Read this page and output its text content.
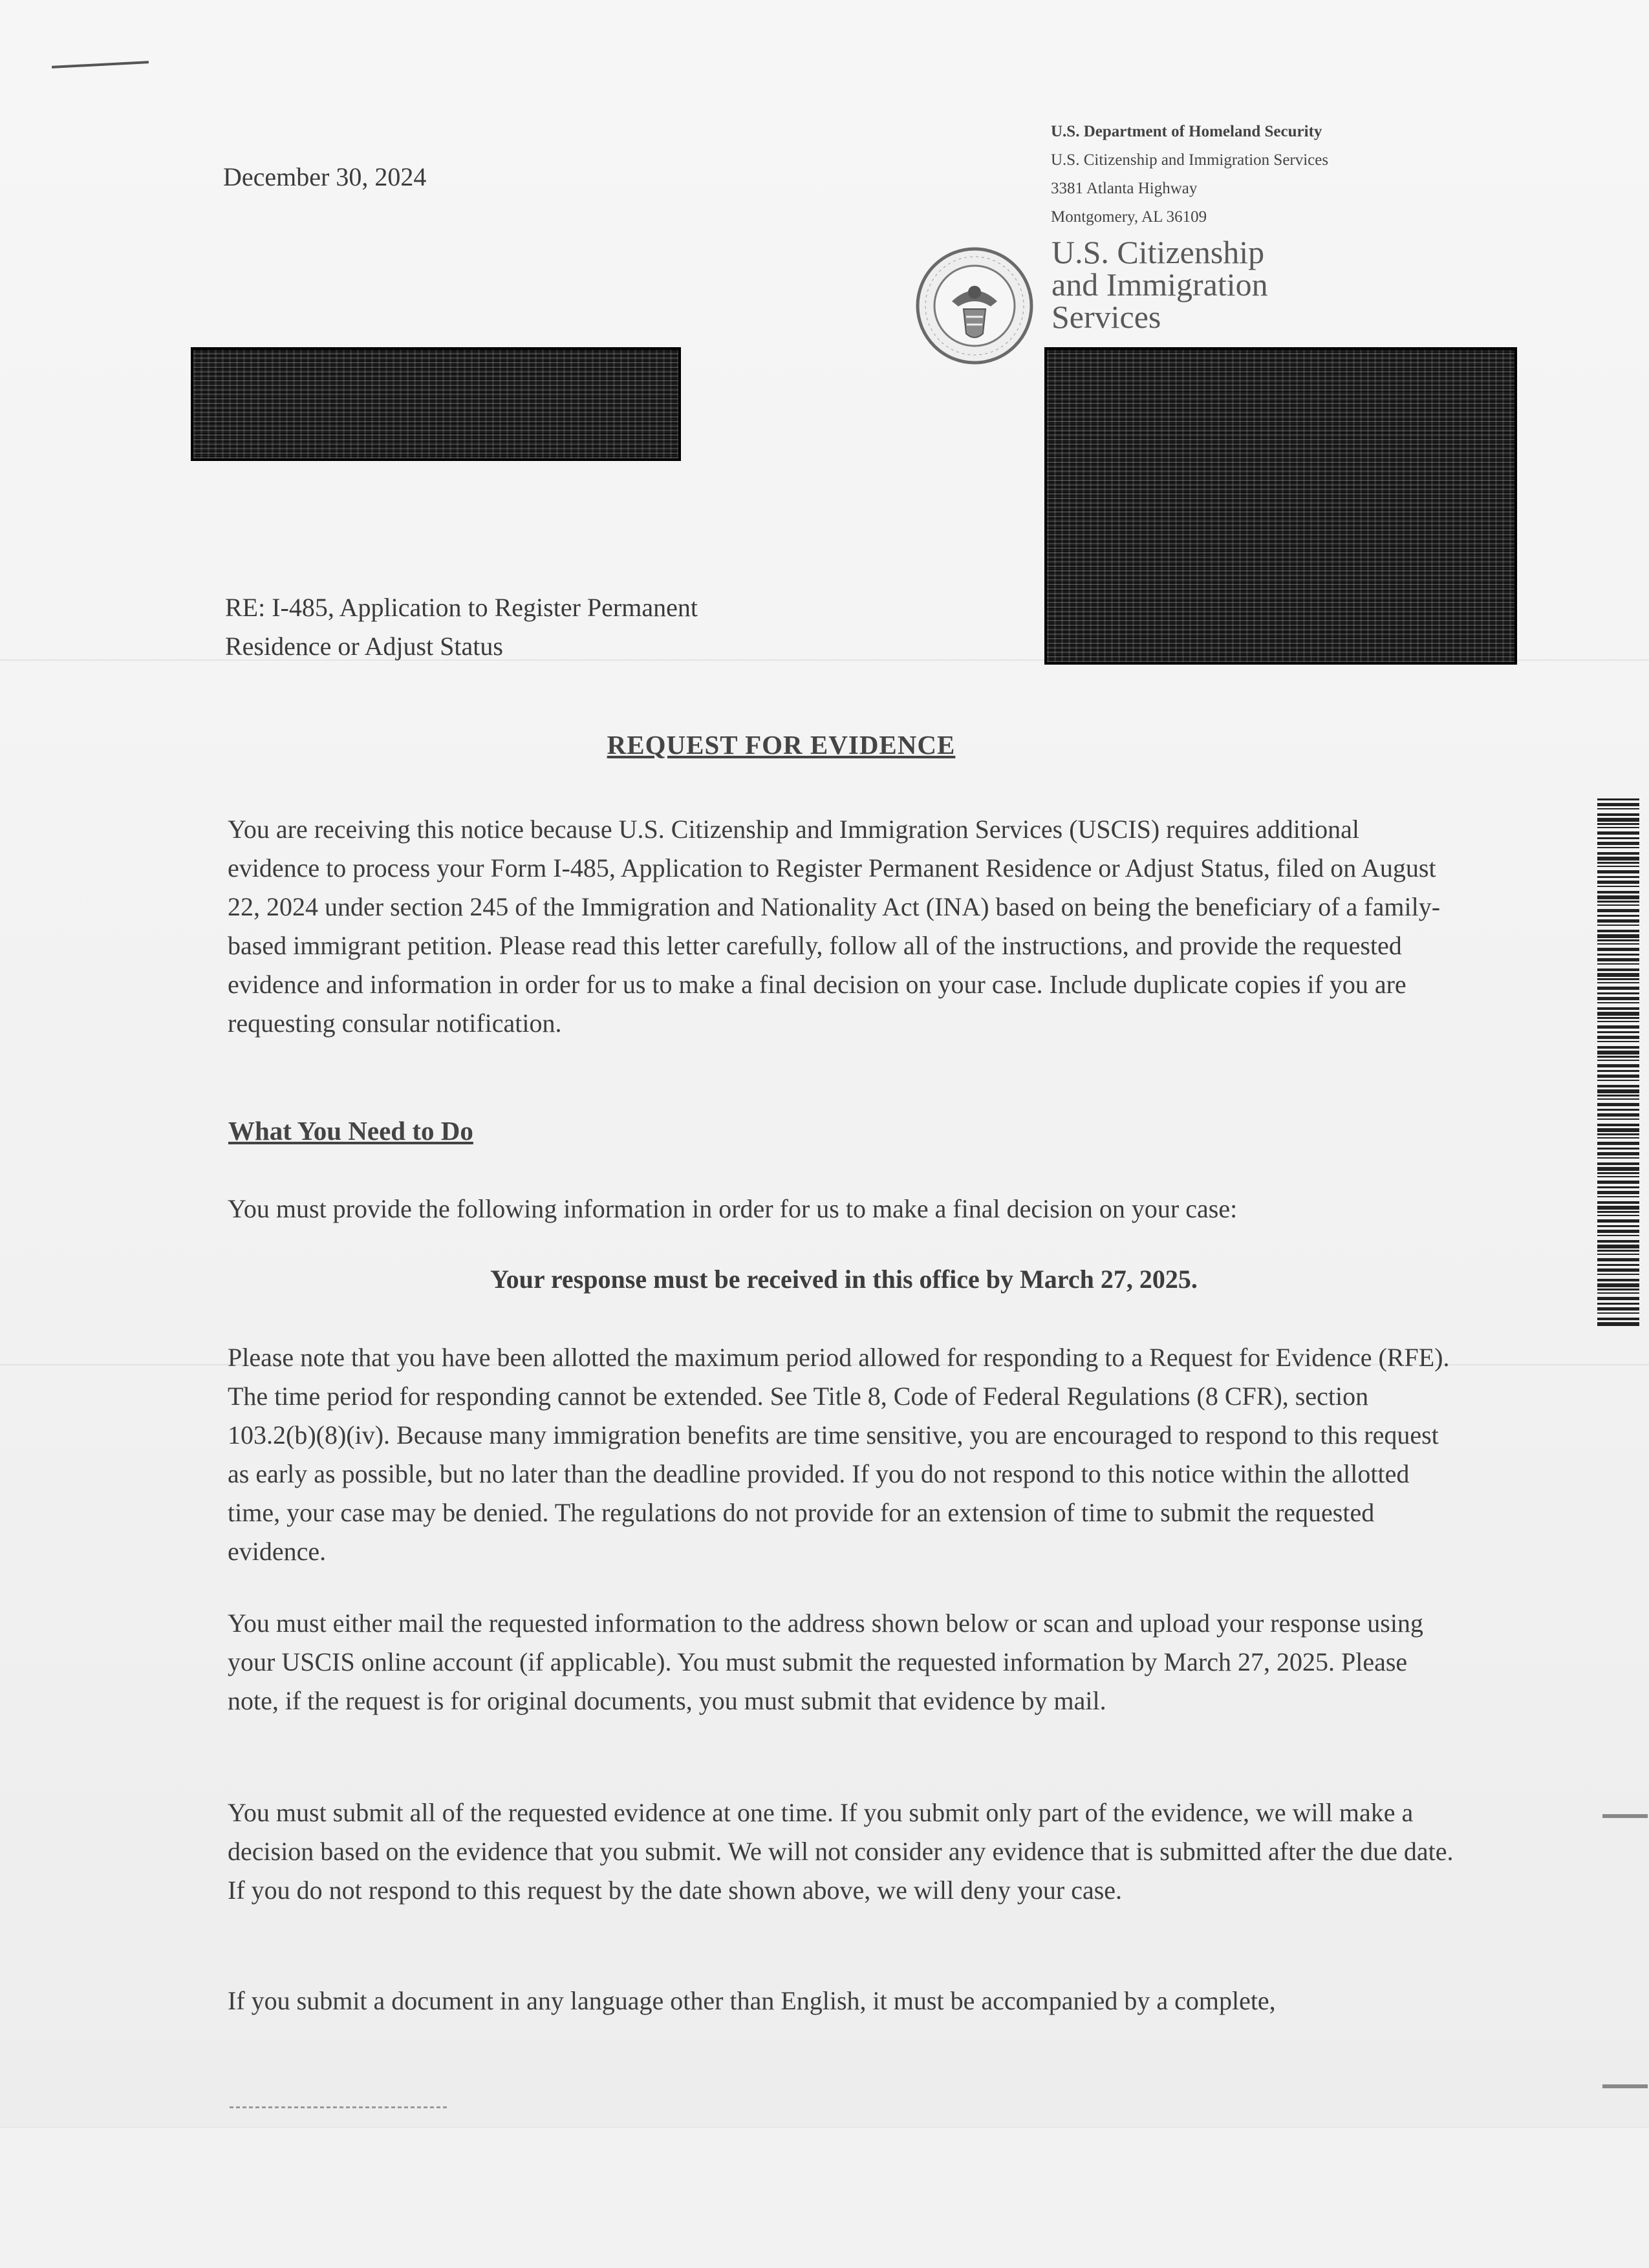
December 30, 2024
U.S. Department of Homeland Security
U.S. Citizenship and Immigration Services
3381 Atlanta Highway
Montgomery, AL 36109
U.S. Citizenship
and Immigration
Services
RE: I-485, Application to Register Permanent
Residence or Adjust Status
REQUEST FOR EVIDENCE
You are receiving this notice because U.S. Citizenship and Immigration Services (USCIS) requires additional evidence to process your Form I-485, Application to Register Permanent Residence or Adjust Status, filed on August 22, 2024 under section 245 of the Immigration and Nationality Act (INA) based on being the beneficiary of a family-based immigrant petition. Please read this letter carefully, follow all of the instructions, and provide the requested evidence and information in order for us to make a final decision on your case. Include duplicate copies if you are requesting consular notification.
What You Need to Do
You must provide the following information in order for us to make a final decision on your case:
Your response must be received in this office by March 27, 2025.
Please note that you have been allotted the maximum period allowed for responding to a Request for Evidence (RFE). The time period for responding cannot be extended. See Title 8, Code of Federal Regulations (8 CFR), section 103.2(b)(8)(iv). Because many immigration benefits are time sensitive, you are encouraged to respond to this request as early as possible, but no later than the deadline provided. If you do not respond to this notice within the allotted time, your case may be denied. The regulations do not provide for an extension of time to submit the requested evidence.
You must either mail the requested information to the address shown below or scan and upload your response using your USCIS online account (if applicable). You must submit the requested information by March 27, 2025. Please note, if the request is for original documents, you must submit that evidence by mail.
You must submit all of the requested evidence at one time. If you submit only part of the evidence, we will make a decision based on the evidence that you submit. We will not consider any evidence that is submitted after the due date. If you do not respond to this request by the date shown above, we will deny your case.
If you submit a document in any language other than English, it must be accompanied by a complete,
